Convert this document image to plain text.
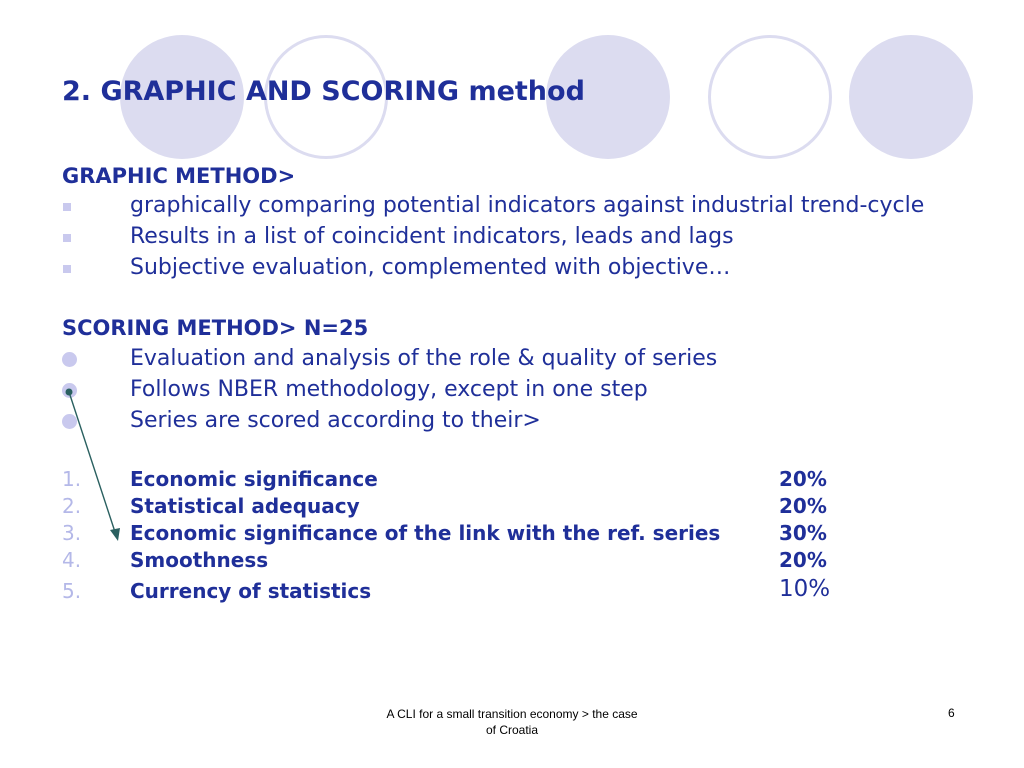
2. GRAPHIC AND SCORING method
GRAPHIC METHOD>
graphically comparing potential indicators against industrial trend-cycle
Results in a list of coincident indicators, leads and lags
Subjective evaluation, complemented with objective…
SCORING METHOD> N=25
Evaluation and analysis of the role & quality of series
Follows NBER methodology, except in one step
Series are scored according to their>
1. Economic significance	20%
2. Statistical adequacy	20%
3. Economic significance of the link with the ref. series	30%
4. Smoothness	20%
5. Currency of statistics	10%
A CLI for a small transition economy > the case
of Croatia
6
